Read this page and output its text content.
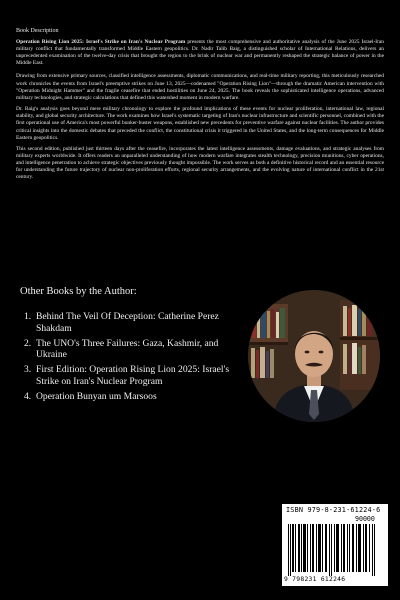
Book Description

Operation Rising Lion 2025: Israel's Strike on Iran's Nuclear Program presents the most comprehensive and authoritative analysis of the June 2025 Israel-Iran military conflict that fundamentally transformed Middle Eastern geopolitics. Dr. Nadir Talib Baig, a distinguished scholar of International Relations, delivers an unprecedented examination of the twelve-day crisis that brought the region to the brink of nuclear war and permanently reshaped the strategic balance of power in the Middle East.

Drawing from extensive primary sources, classified intelligence assessments, diplomatic communications, and real-time military reporting, this meticulously researched work chronicles the events from Israel's preemptive strikes on June 13, 2025—codenamed "Operation Rising Lion"—through the dramatic American intervention with "Operation Midnight Hammer" and the fragile ceasefire that ended hostilities on June 24, 2025. The book reveals the sophisticated intelligence operations, advanced military technologies, and strategic calculations that defined this watershed moment in modern warfare.

Dr. Baig's analysis goes beyond mere military chronology to explore the profound implications of these events for nuclear proliferation, international law, regional stability, and global security architecture. The work examines how Israel's systematic targeting of Iran's nuclear infrastructure and scientific personnel, combined with the first operational use of America's most powerful bunker-buster weapons, established new precedents for preventive warfare against nuclear facilities. The author provides critical insights into the domestic debates that preceded the conflict, the constitutional crisis it triggered in the United States, and the long-term consequences for Middle Eastern geopolitics.

This second edition, published just thirteen days after the ceasefire, incorporates the latest intelligence assessments, damage evaluations, and strategic analyses from military experts worldwide. It offers readers an unparalleled understanding of how modern warfare integrates stealth technology, precision munitions, cyber operations, and intelligence penetration to achieve strategic objectives previously thought impossible. The work serves as both a definitive historical record and an essential resource for understanding the future trajectory of nuclear non-proliferation efforts, regional security arrangements, and the evolving nature of international conflict in the 21st century.

Other Books by the Author:
1. Behind The Veil Of Deception: Catherine Perez Shakdam
2. The UNO's Three Failures: Gaza, Kashmir, and Ukraine
3. First Edition: Operation Rising Lion 2025: Israel's Strike on Iran's Nuclear Program
4. Operation Bunyan um Marsoos
ISBN 979-8-231-61224-6
90000
9 798231 612246
